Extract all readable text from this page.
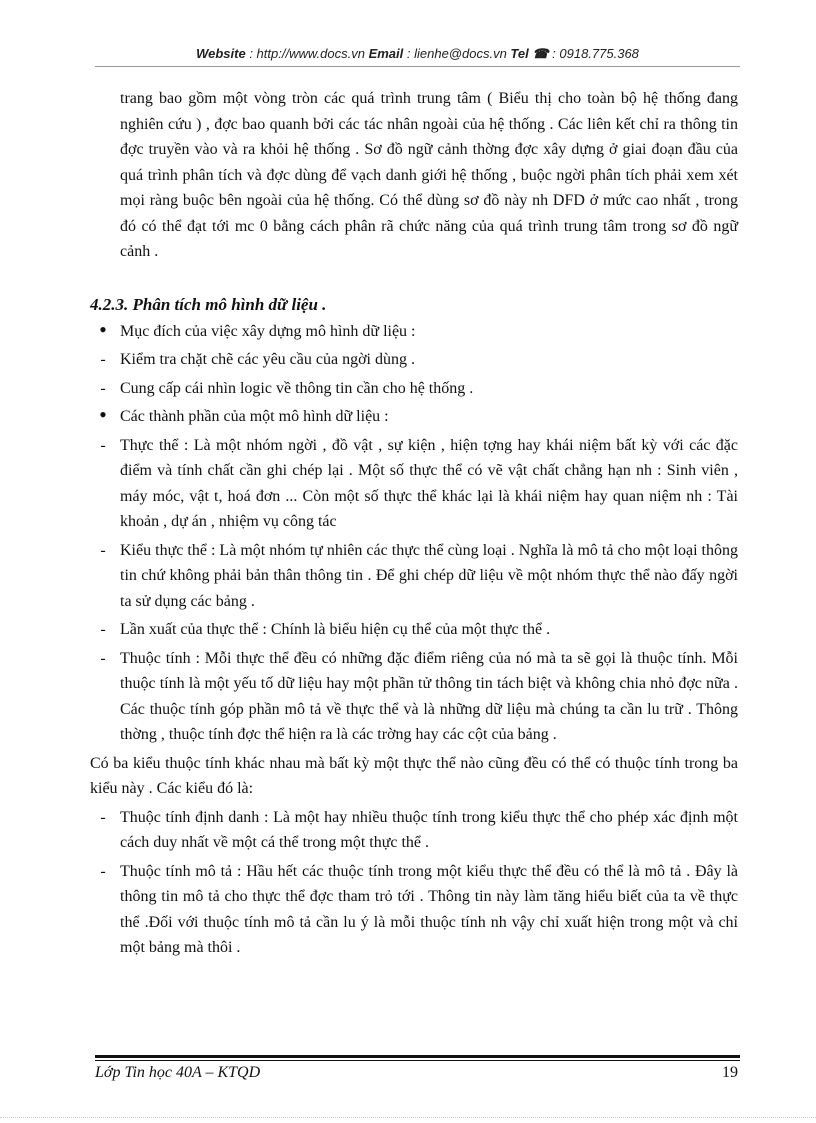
Website : http://www.docs.vn Email : lienhe@docs.vn Tel ☎ : 0918.775.368

trang bao gồm một vòng tròn các quá trình trung tâm ( Biểu thị cho toàn bộ hệ thống đang nghiên cứu ) , đợc bao quanh bởi các tác nhân ngoài của hệ thống . Các liên kết chỉ ra thông tin đợc truyền vào và ra khỏi hệ thống . Sơ đồ ngữ cảnh thờng đợc xây dựng ở giai đoạn đầu của quá trình phân tích và đợc dùng để vạch danh giới hệ thống , buộc ngời phân tích phải xem xét mọi ràng buộc bên ngoài của hệ thống. Có thể dùng sơ đồ này nh DFD ở mức cao nhất , trong đó có thể đạt tới mc 0 bằng cách phân rã chức năng của quá trình trung tâm trong sơ đồ ngữ cảnh .

4.2.3. Phân tích mô hình dữ liệu .
• Mục đích của việc xây dựng mô hình dữ liệu :
- Kiểm tra chặt chẽ các yêu cầu của ngời dùng .
- Cung cấp cái nhìn logic về thông tin cần cho hệ thống .
• Các thành phần của một mô hình dữ liệu :
- Thực thể : Là một nhóm ngời , đồ vật , sự kiện , hiện tợng hay khái niệm bất kỳ với các đặc điểm và tính chất cần ghi chép lại . Một số thực thể có vẽ vật chất chẳng hạn nh : Sinh viên , máy móc, vật t, hoá đơn ... Còn một số thực thể khác lại là khái niệm hay quan niệm nh : Tài khoản , dự án , nhiệm vụ công tác
- Kiểu thực thể : Là một nhóm tự nhiên các thực thể cùng loại . Nghĩa là mô tả cho một loại thông tin chứ không phải bản thân thông tin . Để ghi chép dữ liệu về một nhóm thực thể nào đấy ngời ta sử dụng các bảng .
- Lần xuất của thực thể : Chính là biểu hiện cụ thể của một thực thể .
- Thuộc tính : Mỗi thực thể đều có những đặc điểm riêng của nó mà ta sẽ gọi là thuộc tính. Mỗi thuộc tính là một yếu tố dữ liệu hay một phần tử thông tin tách biệt và không chia nhỏ đợc nữa . Các thuộc tính góp phần mô tả về thực thể và là những dữ liệu mà chúng ta cần lu trữ . Thông thờng , thuộc tính đợc thể hiện ra là các trờng hay các cột của bảng .
Có ba kiểu thuộc tính khác nhau mà bất kỳ một thực thể nào cũng đều có thể có thuộc tính trong ba kiểu này . Các kiểu đó là:
- Thuộc tính định danh : Là một hay nhiều thuộc tính trong kiểu thực thể cho phép xác định một cách duy nhất về một cá thể trong một thực thể .
- Thuộc tính mô tả : Hầu hết các thuộc tính trong một kiểu thực thể đều có thể là mô tả . Đây là thông tin mô tả cho thực thể đợc tham trỏ tới . Thông tin này làm tăng hiểu biết của ta về thực thể .Đối với thuộc tính mô tả cần lu ý là mỗi thuộc tính nh vậy chỉ xuất hiện trong một và chỉ một bảng mà thôi .
Lớp Tin học 40A – KTQD	19
